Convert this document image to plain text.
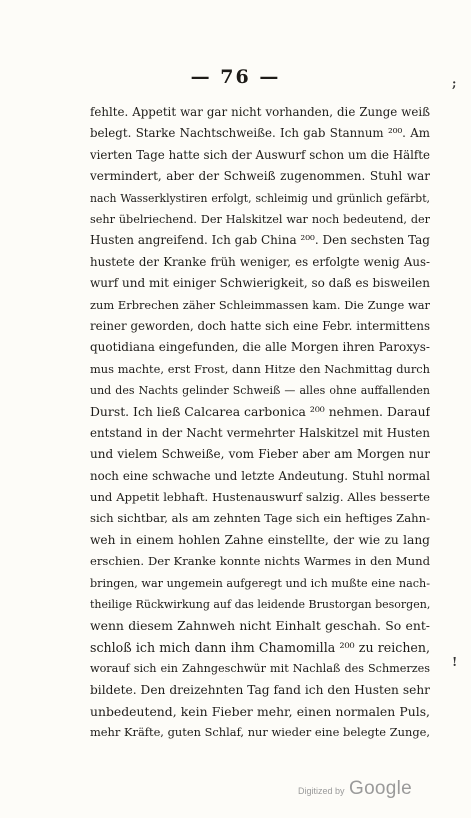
— 76 —	;
!
fehlte. Appetit war gar nicht vorhanden, die Zunge weiß
belegt. Starke Nachtschweiße. Ich gab Stannum ²⁰⁰. Am
vierten Tage hatte sich der Auswurf schon um die Hälfte
vermindert, aber der Schweiß zugenommen. Stuhl war
nach Wasserklystiren erfolgt, schleimig und grünlich gefärbt,
sehr übelriechend. Der Halskitzel war noch bedeutend, der
Husten angreifend. Ich gab China ²⁰⁰. Den sechsten Tag
hustete der Kranke früh weniger, es erfolgte wenig Aus-
wurf und mit einiger Schwierigkeit, so daß es bisweilen
zum Erbrechen zäher Schleimmassen kam. Die Zunge war
reiner geworden, doch hatte sich eine Febr. intermittens
quotidiana eingefunden, die alle Morgen ihren Paroxys-
mus machte, erst Frost, dann Hitze den Nachmittag durch
und des Nachts gelinder Schweiß — alles ohne auffallenden
Durst. Ich ließ Calcarea carbonica ²⁰⁰ nehmen. Darauf
entstand in der Nacht vermehrter Halskitzel mit Husten
und vielem Schweiße, vom Fieber aber am Morgen nur
noch eine schwache und letzte Andeutung. Stuhl normal
und Appetit lebhaft. Hustenauswurf salzig. Alles besserte
sich sichtbar, als am zehnten Tage sich ein heftiges Zahn-
weh in einem hohlen Zahne einstellte, der wie zu lang
erschien. Der Kranke konnte nichts Warmes in den Mund
bringen, war ungemein aufgeregt und ich mußte eine nach-
theilige Rückwirkung auf das leidende Brustorgan besorgen,
wenn diesem Zahnweh nicht Einhalt geschah. So ent-
schloß ich mich dann ihm Chamomilla ²⁰⁰ zu reichen,
worauf sich ein Zahngeschwür mit Nachlaß des Schmerzes
bildete. Den dreizehnten Tag fand ich den Husten sehr
unbedeutend, kein Fieber mehr, einen normalen Puls,
mehr Kräfte, guten Schlaf, nur wieder eine belegte Zunge,
Digitized by Google
